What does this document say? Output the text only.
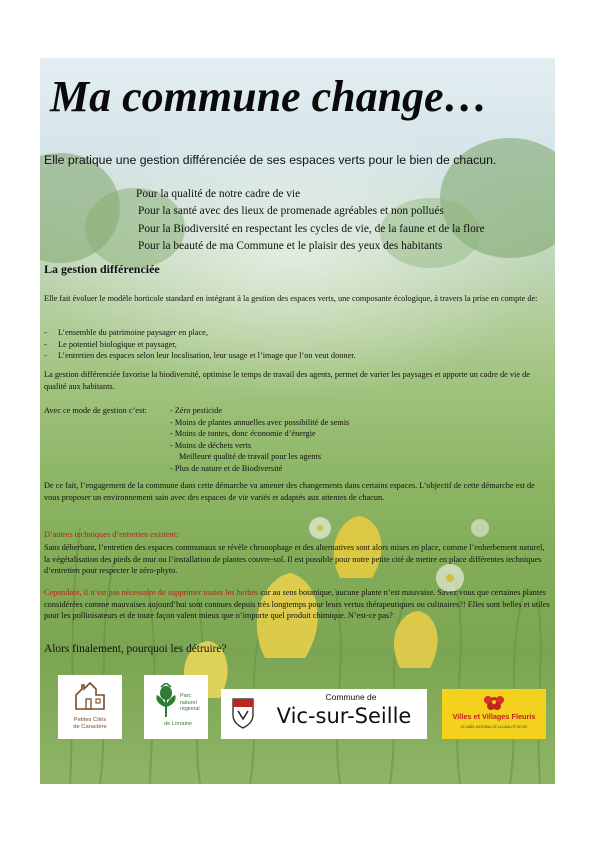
Ma commune change…

Elle pratique une gestion différenciée de ses espaces verts pour le bien de chacun.

Pour la qualité de notre cadre de vie
Pour la santé avec des lieux de promenade agréables et non pollués
Pour la Biodiversité en respectant les cycles de vie, de la faune et de la flore
Pour la beauté de ma Commune et le plaisir des yeux des habitants
La gestion différenciée

Elle fait évoluer le modèle horticole standard en intégrant à la gestion des espaces verts, une composante écologique, à travers la prise en compte de:

- L’ensemble du patrimoine paysager en place,
- Le potentiel biologique et paysager,
- L’entretien des espaces selon leur localisation, leur usage et l’image que l’on veut donner.

La gestion différenciée favorise la biodiversité, optimise le temps de travail des agents, permet de varier les paysages et apporte un cadre de vie de qualité aux habitants.

Avec ce mode de gestion c’est:	- Zéro pesticide
- Moins de plantes annuelles avec possibilité de semis
- Moins de tontes, donc économie d’énergie
- Moins de déchets verts
Meilleure qualité de travail pour les agents
- Plus de nature et de Biodiversité

De ce fait, l’engagement de la commune dans cette démarche va amener des changements dans certains espaces. L’objectif de cette démarche est de vous proposer un environnement sain avec des espaces de vie variés et adaptés aux attentes de chacun.

D’autres techniques d’entretien existent:

Sans déherbant, l’entretien des espaces communaux se révèle chronophage et des alternatives sont alors mises en place, comme l’enherbement naturel, la végétalisation des pieds de mur ou l’installation de plantes couvre-sol. Il est possible pour notre petite cité de mettre en place différentes techniques d’entretien pour respecter le zéro-phyto.

Cependant, il n’est pas nécessaire de supprimer toutes les herbes car au sens botanique, aucune plante n’est mauvaise. Savez vous que certaines plantes considérées comme mauvaises aujourd’hui sont connues depuis très longtemps pour leurs vertus thérapeutiques ou culinaires?! Elles sont belles et utiles pour les pollinisateurs et de toute façon valent mieux que n’importe quel produit chimique. N’est-ce pas?

Alors finalement, pourquoi les détruire?

Petites Cités
de Caractère
Parc
naturel
régional
de Lorraine
Commune de
Vic-sur-Seille	Villes et Villages Fleuris
LE LABEL NATIONAL DE LA QUALITÉ DE VIE
